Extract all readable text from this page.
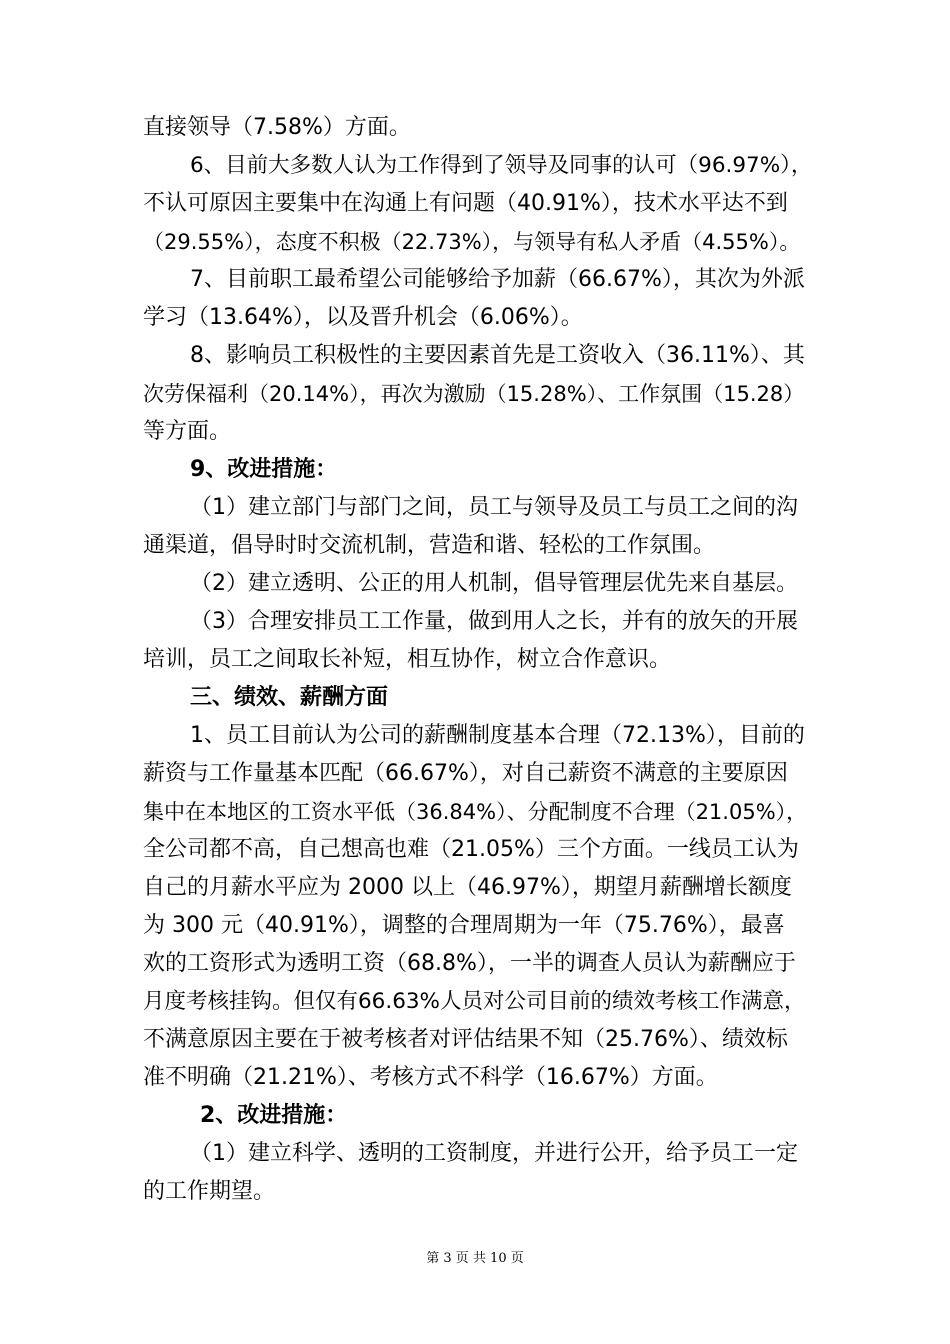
直接领导（7.58%）方面。
6、目前大多数人认为工作得到了领导及同事的认可（96.97%），
不认可原因主要集中在沟通上有问题（40.91%），技术水平达不到
（29.55%），态度不积极（22.73%），与领导有私人矛盾（4.55%）。
7、目前职工最希望公司能够给予加薪（66.67%），其次为外派
学习（13.64%），以及晋升机会（6.06%）。
8、影响员工积极性的主要因素首先是工资收入（36.11%）、其
次劳保福利（20.14%），再次为激励（15.28%）、工作氛围（15.28）
等方面。
9、改进措施：
（1）建立部门与部门之间，员工与领导及员工与员工之间的沟
通渠道，倡导时时交流机制，营造和谐、轻松的工作氛围。
（2）建立透明、公正的用人机制，倡导管理层优先来自基层。
（3）合理安排员工工作量，做到用人之长，并有的放矢的开展
培训，员工之间取长补短，相互协作，树立合作意识。
三、绩效、薪酬方面
1、员工目前认为公司的薪酬制度基本合理（72.13%），目前的
薪资与工作量基本匹配（66.67%），对自己薪资不满意的主要原因
集中在本地区的工资水平低（36.84%）、分配制度不合理（21.05%），
全公司都不高，自己想高也难（21.05%）三个方面。一线员工认为
自己的月薪水平应为 2000 以上（46.97%），期望月薪酬增长额度
为 300 元（40.91%），调整的合理周期为一年（75.76%），最喜
欢的工资形式为透明工资（68.8%），一半的调查人员认为薪酬应于
月度考核挂钩。但仅有66.63%人员对公司目前的绩效考核工作满意，
不满意原因主要在于被考核者对评估结果不知（25.76%）、绩效标
准不明确（21.21%）、考核方式不科学（16.67%）方面。
2、改进措施：
（1）建立科学、透明的工资制度，并进行公开，给予员工一定
的工作期望。
第 3 页 共 10 页
